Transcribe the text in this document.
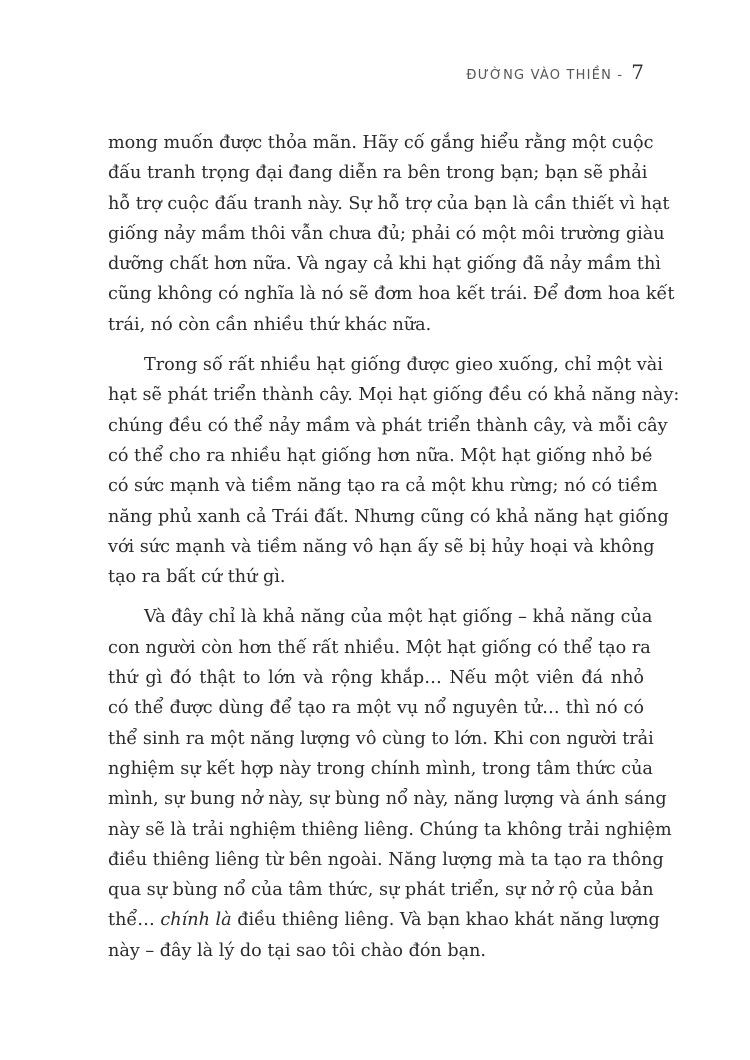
ĐƯỜNG VÀO THIỀN - 7
mong muốn được thỏa mãn. Hãy cố gắng hiểu rằng một cuộc
đấu tranh trọng đại đang diễn ra bên trong bạn; bạn sẽ phải
hỗ trợ cuộc đấu tranh này. Sự hỗ trợ của bạn là cần thiết vì hạt
giống nảy mầm thôi vẫn chưa đủ; phải có một môi trường giàu
dưỡng chất hơn nữa. Và ngay cả khi hạt giống đã nảy mầm thì
cũng không có nghĩa là nó sẽ đơm hoa kết trái. Để đơm hoa kết
trái, nó còn cần nhiều thứ khác nữa.
Trong số rất nhiều hạt giống được gieo xuống, chỉ một vài
hạt sẽ phát triển thành cây. Mọi hạt giống đều có khả năng này:
chúng đều có thể nảy mầm và phát triển thành cây, và mỗi cây
có thể cho ra nhiều hạt giống hơn nữa. Một hạt giống nhỏ bé
có sức mạnh và tiềm năng tạo ra cả một khu rừng; nó có tiềm
năng phủ xanh cả Trái đất. Nhưng cũng có khả năng hạt giống
với sức mạnh và tiềm năng vô hạn ấy sẽ bị hủy hoại và không
tạo ra bất cứ thứ gì.
Và đây chỉ là khả năng của một hạt giống – khả năng của
con người còn hơn thế rất nhiều. Một hạt giống có thể tạo ra
thứ gì đó thật to lớn và rộng khắp… Nếu một viên đá nhỏ
có thể được dùng để tạo ra một vụ nổ nguyên tử… thì nó có
thể sinh ra một năng lượng vô cùng to lớn. Khi con người trải
nghiệm sự kết hợp này trong chính mình, trong tâm thức của
mình, sự bung nở này, sự bùng nổ này, năng lượng và ánh sáng
này sẽ là trải nghiệm thiêng liêng. Chúng ta không trải nghiệm
điều thiêng liêng từ bên ngoài. Năng lượng mà ta tạo ra thông
qua sự bùng nổ của tâm thức, sự phát triển, sự nở rộ của bản
thể… chính là điều thiêng liêng. Và bạn khao khát năng lượng
này – đây là lý do tại sao tôi chào đón bạn.
